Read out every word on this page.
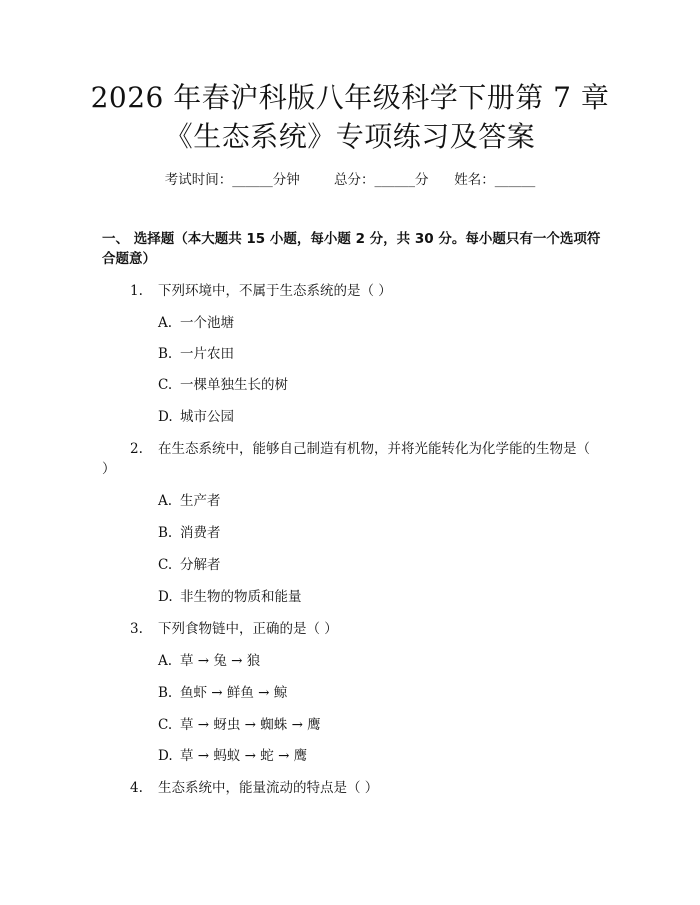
2026 年春沪科版八年级科学下册第 7 章《生态系统》专项练习及答案
考试时间：______分钟	总分：______分 姓名：______
一、 选择题（本大题共 15 小题，每小题 2 分，共 30 分。每小题只有一个选项符合题意）
1. 下列环境中，不属于生态系统的是（ ）
A. 一个池塘
B. 一片农田
C. 一棵单独生长的树
D. 城市公园
2. 在生态系统中，能够自己制造有机物，并将光能转化为化学能的生物是（ ）
A. 生产者
B. 消费者
C. 分解者
D. 非生物的物质和能量
3. 下列食物链中，正确的是（ ）
A. 草 → 兔 → 狼
B. 鱼虾 → 鲜鱼 → 鲸
C. 草 → 蚜虫 → 蜘蛛 → 鹰
D. 草 → 蚂蚁 → 蛇 → 鹰
4. 生态系统中，能量流动的特点是（ ）
